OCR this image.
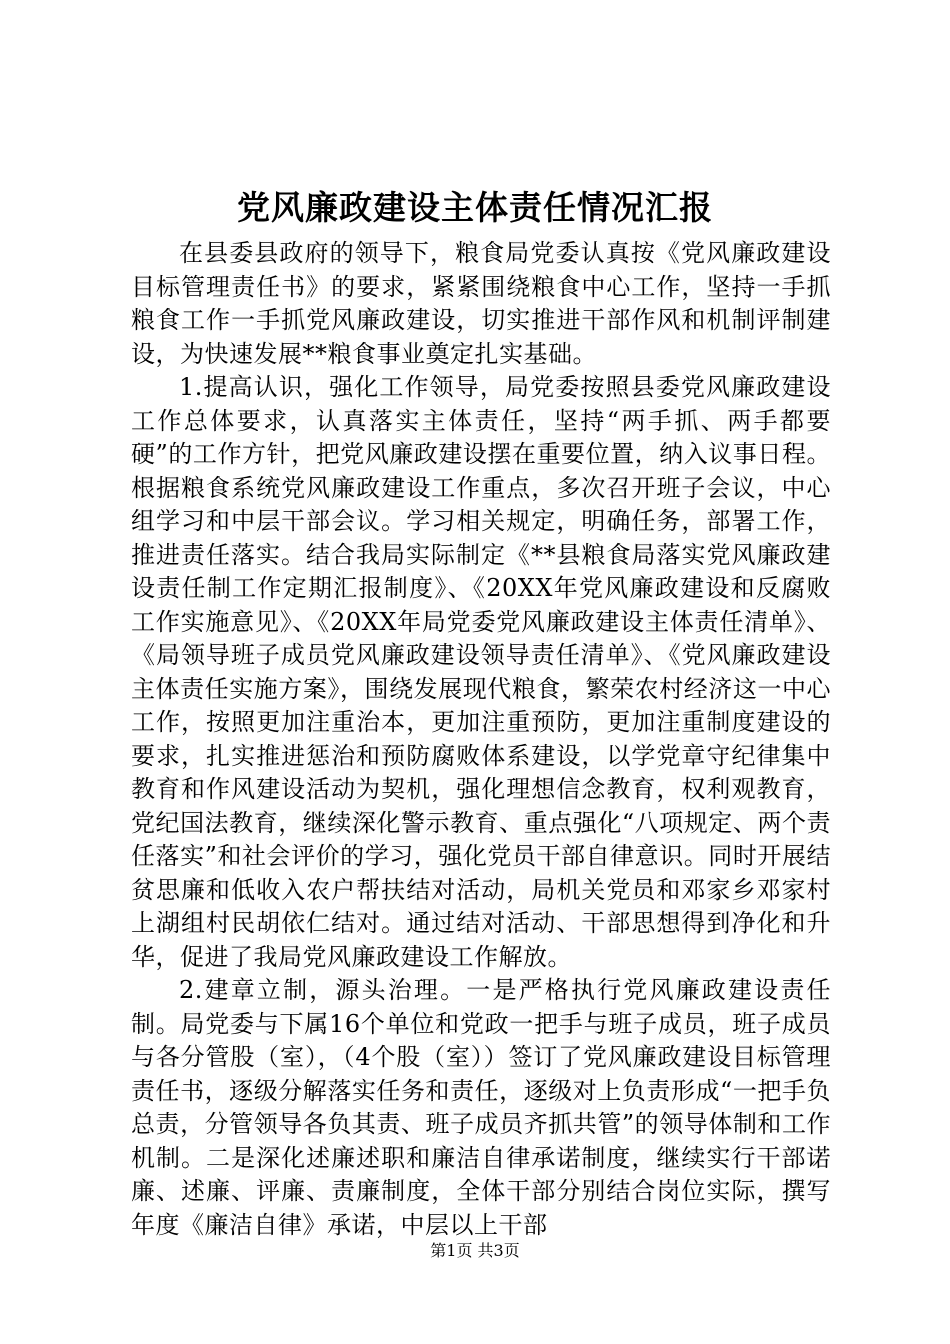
党风廉政建设主体责任情况汇报

在县委县政府的领导下，粮食局党委认真按《党风廉政建设目标管理责任书》的要求，紧紧围绕粮食中心工作，坚持一手抓粮食工作一手抓党风廉政建设，切实推进干部作风和机制评制建设，为快速发展**粮食事业奠定扎实基础。

1.提高认识，强化工作领导，局党委按照县委党风廉政建设工作总体要求，认真落实主体责任，坚持“两手抓、两手都要硬”的工作方针，把党风廉政建设摆在重要位置，纳入议事日程。根据粮食系统党风廉政建设工作重点，多次召开班子会议，中心组学习和中层干部会议。学习相关规定，明确任务，部署工作，推进责任落实。结合我局实际制定《**县粮食局落实党风廉政建设责任制工作定期汇报制度》、《20XX年党风廉政建设和反腐败工作实施意见》、《20XX年局党委党风廉政建设主体责任清单》、《局领导班子成员党风廉政建设领导责任清单》、《党风廉政建设主体责任实施方案》，围绕发展现代粮食，繁荣农村经济这一中心工作，按照更加注重治本，更加注重预防，更加注重制度建设的要求，扎实推进惩治和预防腐败体系建设，以学党章守纪律集中教育和作风建设活动为契机，强化理想信念教育，权利观教育，党纪国法教育，继续深化警示教育、重点强化“八项规定、两个责任落实”和社会评价的学习，强化党员干部自律意识。同时开展结贫思廉和低收入农户帮扶结对活动，局机关党员和邓家乡邓家村上湖组村民胡依仁结对。通过结对活动、干部思想得到净化和升华，促进了我局党风廉政建设工作解放。

2.建章立制，源头治理。一是严格执行党风廉政建设责任制。局党委与下属16个单位和党政一把手与班子成员，班子成员与各分管股（室），（4个股（室））签订了党风廉政建设目标管理责任书，逐级分解落实任务和责任，逐级对上负责形成“一把手负总责，分管领导各负其责、班子成员齐抓共管”的领导体制和工作机制。二是深化述廉述职和廉洁自律承诺制度，继续实行干部诺廉、述廉、评廉、责廉制度，全体干部分别结合岗位实际，撰写年度《廉洁自律》承诺，中层以上干部

第1页 共3页
